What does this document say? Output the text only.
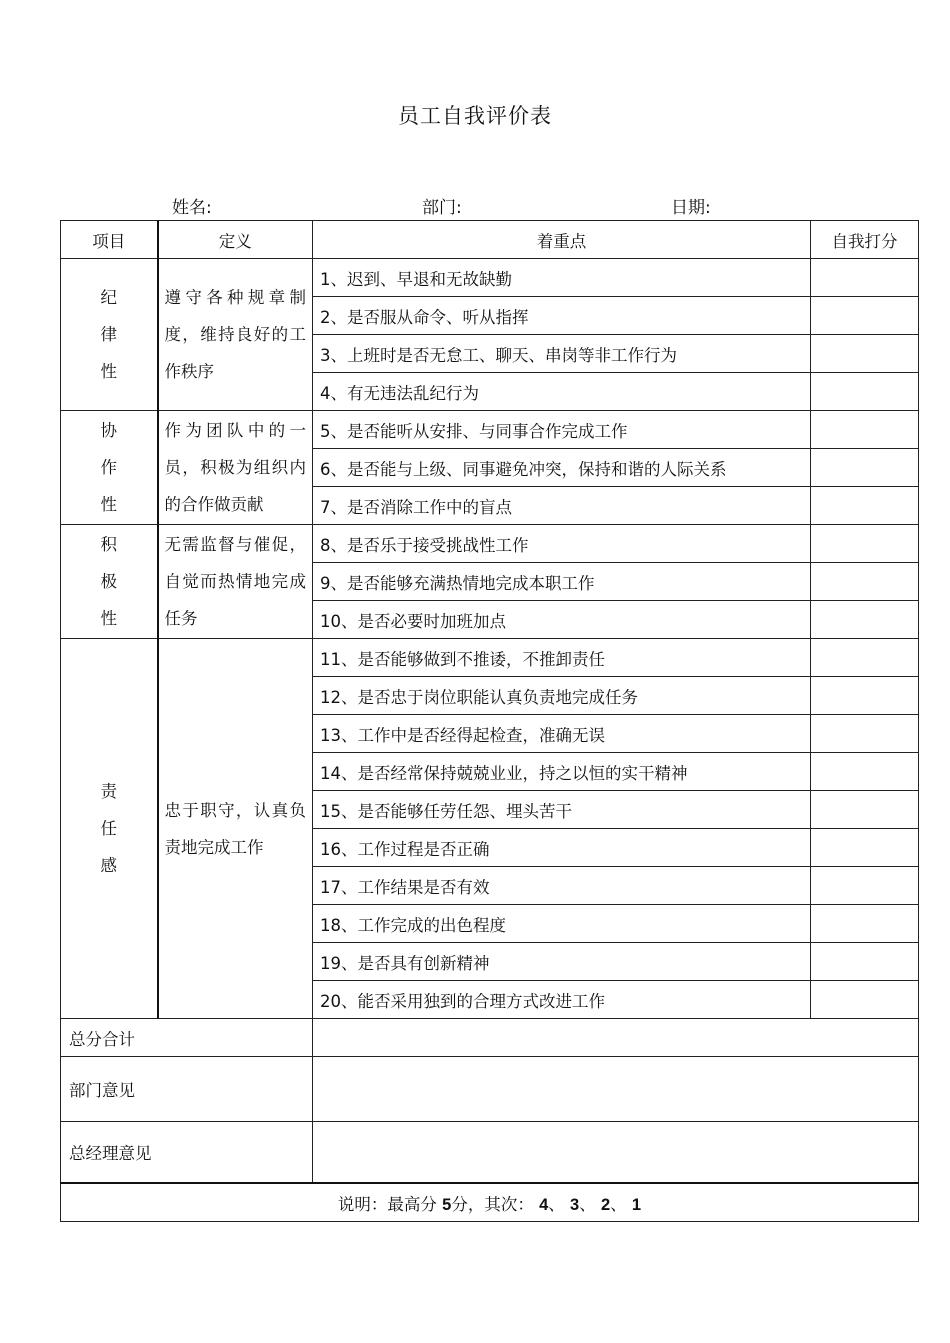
员工自我评价表
姓名:	部门:	日期:
项目	定义	着重点	自我打分

纪
律
性	遵守各种规章制度，维持良好的工作秩序	1、迟到、早退和无故缺勤	
		2、是否服从命令、听从指挥	
		3、上班时是否无怠工、聊天、串岗等非工作行为	
		4、有无违法乱纪行为	

协
作
性	作为团队中的一员，积极为组织内的合作做贡献	5、是否能听从安排、与同事合作完成工作	
		6、是否能与上级、同事避免冲突，保持和谐的人际关系	
		7、是否消除工作中的盲点	

积
极
性	无需监督与催促，自觉而热情地完成任务	8、是否乐于接受挑战性工作	
		9、是否能够充满热情地完成本职工作	
		10、是否必要时加班加点	

责
任
感	忠于职守，认真负责地完成工作	11、是否能够做到不推诿，不推卸责任	
		12、是否忠于岗位职能认真负责地完成任务	
		13、工作中是否经得起检查，准确无误	
		14、是否经常保持兢兢业业，持之以恒的实干精神	
		15、是否能够任劳任怨、埋头苦干	
		16、工作过程是否正确	
		17、工作结果是否有效	
		18、工作完成的出色程度	
		19、是否具有创新精神	
		20、能否采用独到的合理方式改进工作	
总分合计			
部门意见			
总经理意见			
说明：最高分 5分，其次： 4、 3、 2、 1			
